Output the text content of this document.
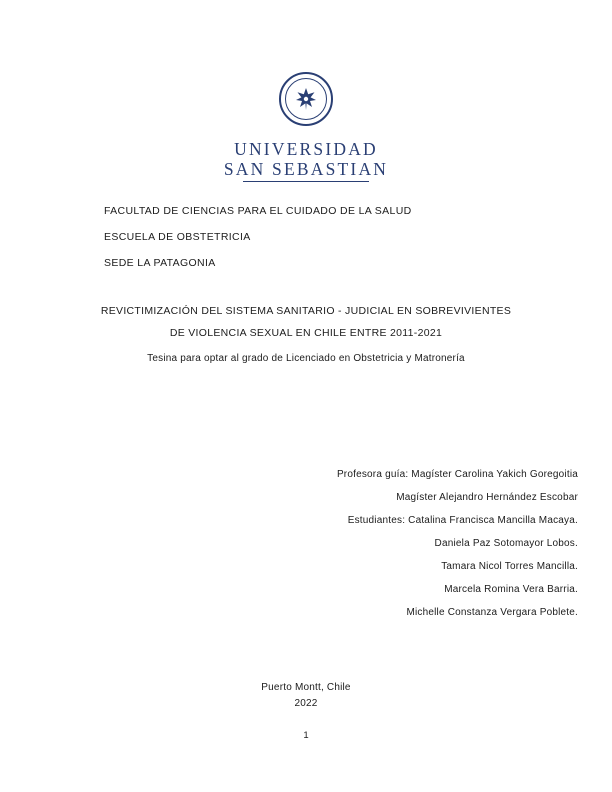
UNIVERSIDAD
SAN SEBASTIAN
FACULTAD DE CIENCIAS PARA EL CUIDADO DE LA SALUD
ESCUELA DE OBSTETRICIA
SEDE LA PATAGONIA
REVICTIMIZACIÓN DEL SISTEMA SANITARIO - JUDICIAL EN SOBREVIVIENTES
DE VIOLENCIA SEXUAL EN CHILE ENTRE 2011-2021
Tesina para optar al grado de Licenciado en Obstetricia y Matronería
Profesora guía: Magíster Carolina Yakich Goregoitia
Magíster Alejandro Hernández Escobar
Estudiantes: Catalina Francisca Mancilla Macaya.
Daniela Paz Sotomayor Lobos.
Tamara Nicol Torres Mancilla.
Marcela Romina Vera Barria.
Michelle Constanza Vergara Poblete.
Puerto Montt, Chile
2022
1
